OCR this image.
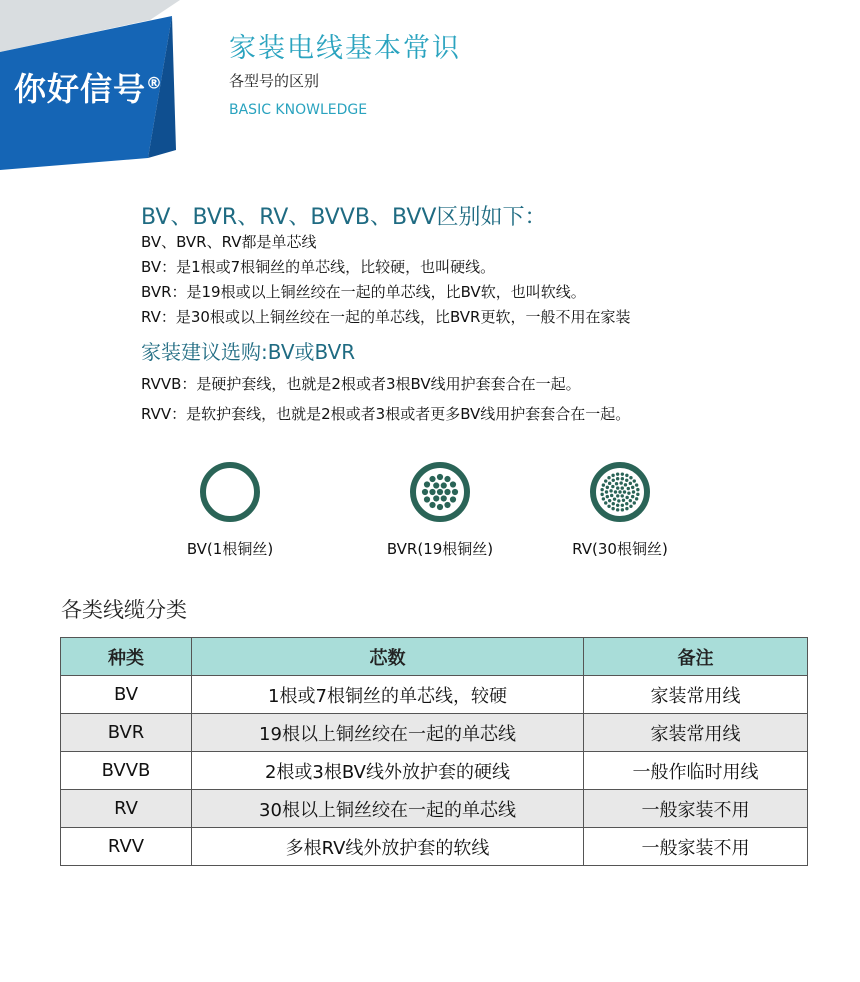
你好信号®
家装电线基本常识
各型号的区别
BASIC KNOWLEDGE
BV、BVR、RV、BVVB、BVV区别如下：
BV、BVR、RV都是单芯线
BV：是1根或7根铜丝的单芯线，比较硬，也叫硬线。
BVR：是19根或以上铜丝绞在一起的单芯线，比BV软，也叫软线。
RV：是30根或以上铜丝绞在一起的单芯线，比BVR更软，一般不用在家装
家装建议选购:BV或BVR
RVVB：是硬护套线，也就是2根或者3根BV线用护套套合在一起。
RVV：是软护套线，也就是2根或者3根或者更多BV线用护套套合在一起。
BV(1根铜丝)	BVR(19根铜丝)	RV(30根铜丝)
各类线缆分类
种类	芯数	备注
BV	1根或7根铜丝的单芯线，较硬	家装常用线
BVR	19根以上铜丝绞在一起的单芯线	家装常用线
BVVB	2根或3根BV线外放护套的硬线	一般作临时用线
RV	30根以上铜丝绞在一起的单芯线	一般家装不用
RVV	多根RV线外放护套的软线	一般家装不用
